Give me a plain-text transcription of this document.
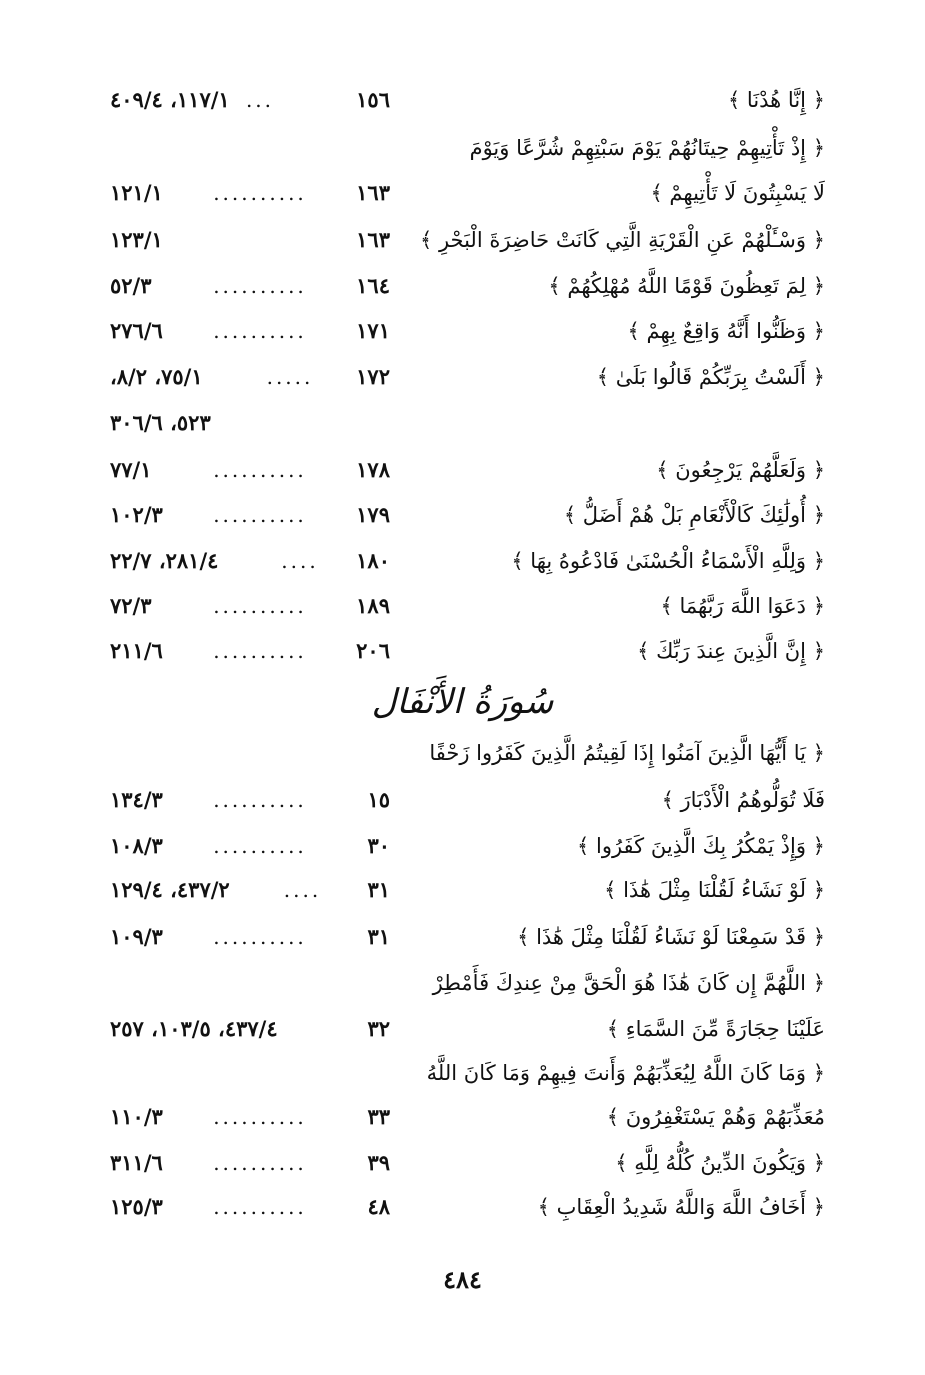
﴿ إِنَّا هُدْنَا ﴾
١٥٦
...
١١٧/١، ٤٠٩/٤
﴿ إِذْ تَأْتِيهِمْ حِيتَانُهُمْ يَوْمَ سَبْتِهِمْ شُرَّعًا وَيَوْمَ
لَا يَسْبِتُونَ لَا تَأْتِيهِمْ ﴾
١٦٣
..........
١٢١/١
﴿ وَسْـَٔلْهُمْ عَنِ الْقَرْيَةِ الَّتِي كَانَتْ حَاضِرَةَ الْبَحْرِ ﴾
١٦٣
١٢٣/١
﴿ لِمَ تَعِظُونَ قَوْمًا اللَّهُ مُهْلِكُهُمْ ﴾
١٦٤
..........
٥٢/٣
﴿ وَظَنُّوا أَنَّهُ وَاقِعٌ بِهِمْ ﴾
١٧١
..........
٢٧٦/٦
﴿ أَلَسْتُ بِرَبِّكُمْ قَالُوا بَلَىٰ ﴾
١٧٢
.....
٧٥/١، ٨/٢،
٥٢٣، ٣٠٦/٦
﴿ وَلَعَلَّهُمْ يَرْجِعُونَ ﴾
١٧٨
..........
٧٧/١
﴿ أُولَٰئِكَ كَالْأَنْعَامِ بَلْ هُمْ أَضَلُّ ﴾
١٧٩
..........
١٠٢/٣
﴿ وَلِلَّهِ الْأَسْمَاءُ الْحُسْنَىٰ فَادْعُوهُ بِهَا ﴾
١٨٠
....
٢٨١/٤، ٢٢/٧
﴿ دَعَوَا اللَّهَ رَبَّهُمَا ﴾
١٨٩
..........
٧٢/٣
﴿ إِنَّ الَّذِينَ عِندَ رَبِّكَ ﴾
٢٠٦
..........
٢١١/٦
سُورَةُ الأَنْفَال
﴿ يَا أَيُّهَا الَّذِينَ آمَنُوا إِذَا لَقِيتُمُ الَّذِينَ كَفَرُوا زَحْفًا
فَلَا تُوَلُّوهُمُ الْأَدْبَارَ ﴾
١٥
..........
١٣٤/٣
﴿ وَإِذْ يَمْكُرُ بِكَ الَّذِينَ كَفَرُوا ﴾
٣٠
..........
١٠٨/٣
﴿ لَوْ نَشَاءُ لَقُلْنَا مِثْلَ هَٰذَا ﴾
٣١
....
٤٣٧/٢، ١٢٩/٤
﴿ قَدْ سَمِعْنَا لَوْ نَشَاءُ لَقُلْنَا مِثْلَ هَٰذَا ﴾
٣١
..........
١٠٩/٣
﴿ اللَّهُمَّ إِن كَانَ هَٰذَا هُوَ الْحَقَّ مِنْ عِندِكَ فَأَمْطِرْ
عَلَيْنَا حِجَارَةً مِّنَ السَّمَاءِ ﴾
٣٢
٤٣٧/٤، ١٠٣/٥، ٢٥٧
﴿ وَمَا كَانَ اللَّهُ لِيُعَذِّبَهُمْ وَأَنتَ فِيهِمْ وَمَا كَانَ اللَّهُ
مُعَذِّبَهُمْ وَهُمْ يَسْتَغْفِرُونَ ﴾
٣٣
..........
١١٠/٣
﴿ وَيَكُونَ الدِّينُ كُلُّهُ لِلَّهِ ﴾
٣٩
..........
٣١١/٦
﴿ أَخَافُ اللَّهَ وَاللَّهُ شَدِيدُ الْعِقَابِ ﴾
٤٨
..........
١٢٥/٣
٤٨٤
